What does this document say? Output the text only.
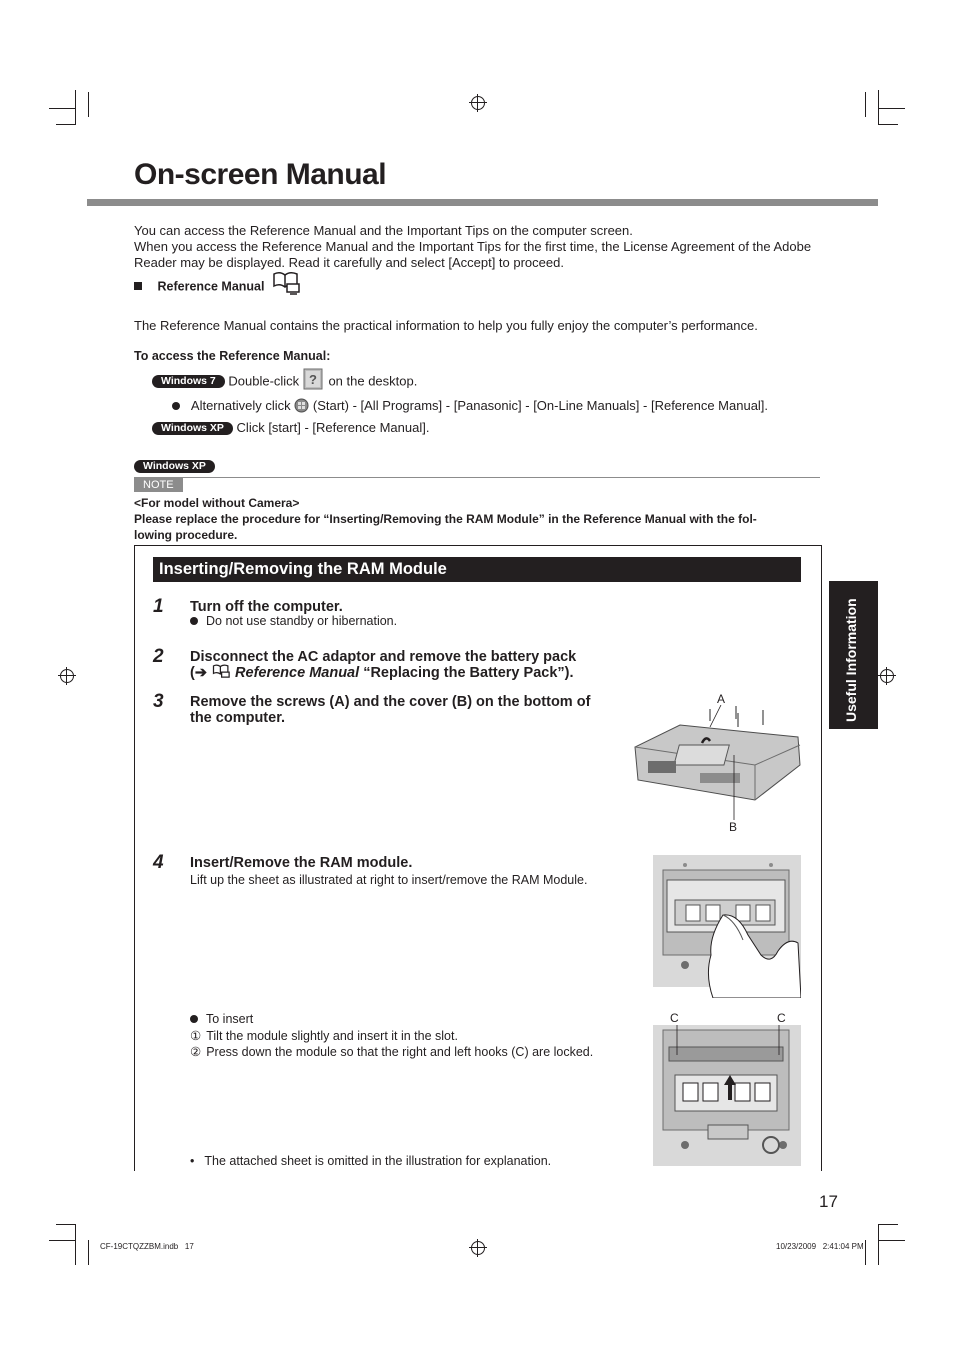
On-screen Manual
You can access the Reference Manual and the Important Tips on the computer screen.
When you access the Reference Manual and the Important Tips for the first time, the License Agreement of the Adobe
Reader may be displayed. Read it carefully and select [Accept] to proceed.
Reference Manual
The Reference Manual contains the practical information to help you fully enjoy the computer’s performance.
To access the Reference Manual:
Windows 7 Double-click ? on the desktop.
Alternatively click (Start) - [All Programs] - [Panasonic] - [On-Line Manuals] - [Reference Manual].
Windows XP Click [start] - [Reference Manual].
Windows XP
NOTE
<For model without Camera>
Please replace the procedure for “Inserting/Removing the RAM Module” in the Reference Manual with the fol-
lowing procedure.
Inserting/Removing the RAM Module
1 Turn off the computer.
Do not use standby or hibernation.
2 Disconnect the AC adaptor and remove the battery pack
(➔ Reference Manual “Replacing the Battery Pack”).
3 Remove the screws (A) and the cover (B) on the bottom of
the computer.
A
B
4 Insert/Remove the RAM module.
Lift up the sheet as illustrated at right to insert/remove the RAM Module.
To insert
① Tilt the module slightly and insert it in the slot.
② Press down the module so that the right and left hooks (C) are locked.
C	C
• The attached sheet is omitted in the illustration for explanation.
Useful Information
17
CF-19CTQZZBM.indb   17	10/23/2009   2:41:04 PM
